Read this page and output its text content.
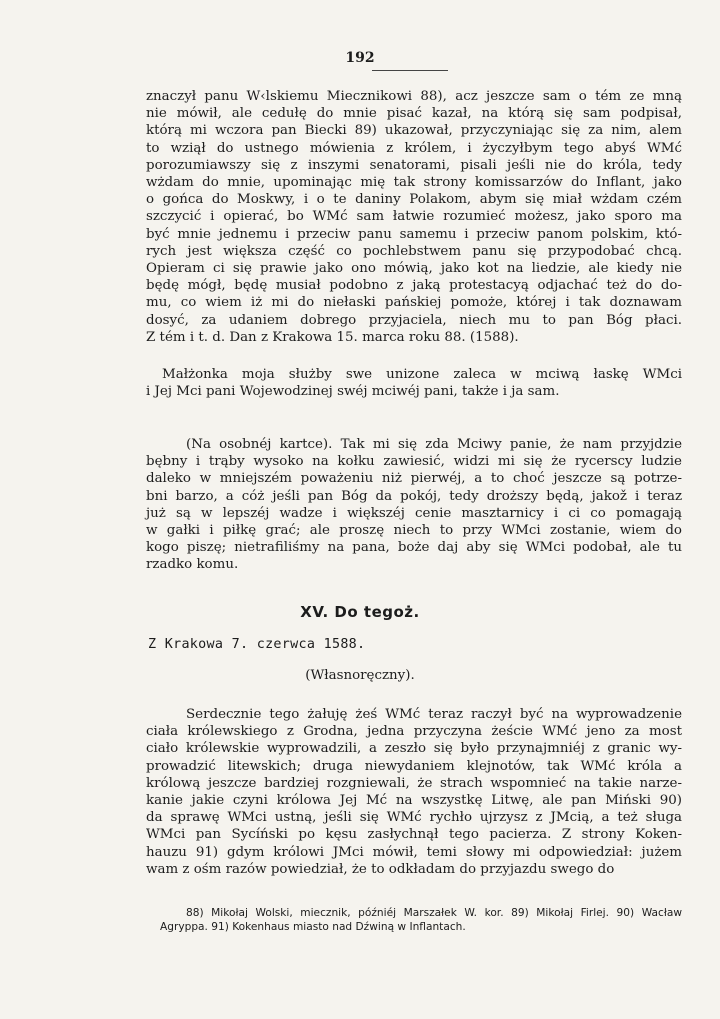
192
znaczył panu W‹lskiemu Miecznikowi 88), acz jeszcze sam o tém ze mną
nie mówił, ale cedułę do mnie pisać kazał, na którą się sam podpisał,
którą mi wczora pan Biecki 89) ukazował, przyczyniając się za nim, alem
to wziął do ustnego mówienia z królem, i życzyłbym tego abyś WMć
porozumiawszy się z inszymi senatorami, pisali jeśli nie do króla, tedy
wżdam do mnie, upominając mię tak strony komissarzów do Inflant, jako
o gońca do Moskwy, i o te daniny Polakom, abym się miał wżdam czém
szczycić i opierać, bo WMć sam łatwie rozumieć możesz, jako sporo ma
być mnie jednemu i przeciw panu samemu i przeciw panom polskim, któ-
rych jest większa część co pochlebstwem panu się przypodobać chcą.
Opieram ci się prawie jako ono mówią, jako kot na liedzie, ale kiedy nie
będę mógł, będę musiał podobno z jaką protestacyą odjachać też do do-
mu, co wiem iż mi do niełaski pańskiej pomoże, której i tak doznawam
dosyć, za udaniem dobrego przyjaciela, niech mu to pan Bóg płaci.
Z tém i t. d. Dan z Krakowa 15. marca roku 88. (1588).
Małżonka moja służby swe unizone zaleca w mciwą łaskę WMci
i Jej Mci pani Wojewodzinej swéj mciwéj pani, także i ja sam.
(Na osobnéj kartce). Tak mi się zda Mciwy panie, że nam przyjdzie
bębny i trąby wysoko na kołku zawiesić, widzi mi się że rycerscy ludzie
daleko w mniejszém poważeniu niż pierwéj, a to choć jeszcze są potrze-
bni barzo, a cóż jeśli pan Bóg da pokój, tedy droższy będą, jakož i teraz
już są w lepszéj wadze i większéj cenie masztarnicy i ci co pomagają
w gałki i piłkę grać; ale proszę niech to przy WMci zostanie, wiem do
kogo piszę; nietrafiliśmy na pana, boże daj aby się WMci podobał, ale tu
rzadko komu.
XV. Do tegoż.
Z Krakowa 7. czerwca 1588.
(Własnoręczny).
Serdecznie tego żałuję żeś WMć teraz raczył być na wyprowadzenie
ciała królewskiego z Grodna, jedna przyczyna żeście WMć jeno za most
ciało królewskie wyprowadzili, a zeszło się było przynajmniéj z granic wy-
prowadzić litewskich; druga niewydaniem klejnotów, tak WMć króla a
królową jeszcze bardziej rozgniewali, że strach wspomnieć na takie narze-
kanie jakie czyni królowa Jej Mć na wszystkę Litwę, ale pan Miński 90)
da sprawę WMci ustną, jeśli się WMć rychło ujrzysz z JMcią, a też sługa
WMci pan Sycíński po kęsu zasłychnął tego pacierza. Z strony Koken-
hauzu 91) gdym królowi JMci mówił, temi słowy mi odpowiedział: jużem
wam z ośm razów powiedział, że to odkładam do przyjazdu swego do
88) Mikołaj Wolski, miecznik, późniéj Marszałek W. kor. 89) Mikołaj Firlej. 90) Wacław
Agryppa. 91) Kokenhaus miasto nad Dźwiną w Inflantach.
